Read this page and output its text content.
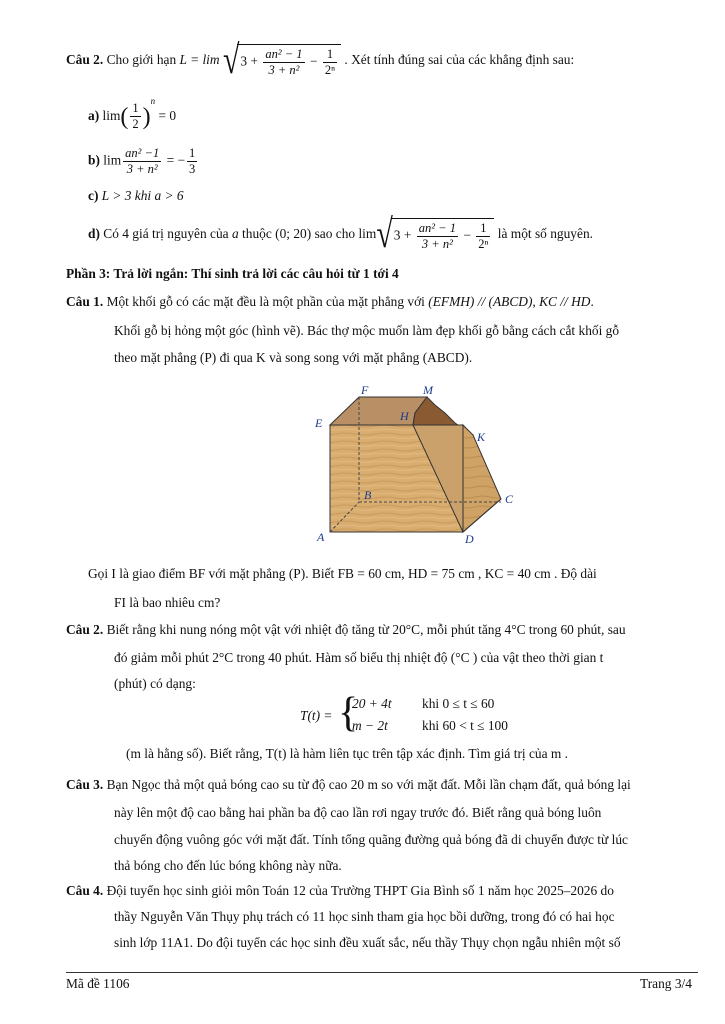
Câu 2. Cho giới hạn $L = \lim √3 + \frac{\text{an² − 1}}{\text{3 + n²}} - \frac{1}{\text{2ⁿ}}$ . Xét tính đúng sai của các khẳng định sau:
a) $\lim( \frac{1}{2} )^n = 0$
b) $\lim \frac{\text{an² −1}}{\text{3 + n²}}$ = − $\frac{1}{3}$
c) L > 3 khi a > 6
d) Có 4 giá trị nguyên của a thuộc (0; 20) sao cho $\lim√3 + \frac{\text{an² − 1}}{\text{3 + n²}} - \frac{1}{\text{2ⁿ}}$ là một số nguyên.
Phần 3: Trả lời ngắn: Thí sinh trả lời các câu hỏi từ 1 tới 4
Câu 1. Một khối gỗ có các mặt đều là một phần của mặt phẳng với (EFMH) // (ABCD), KC // HD.
Khối gỗ bị hỏng một góc (hình vẽ). Bác thợ mộc muốn làm đẹp khối gỗ bằng cách cắt khối gỗ
theo mặt phẳng (P) đi qua K và song song với mặt phẳng (ABCD).
E
F	M
H
K
B	C
A	D
Gọi I là giao điểm BF với mặt phẳng (P). Biết FB = 60 cm, HD = 75 cm , KC = 40 cm . Độ dài
FI là bao nhiêu cm?
Câu 2. Biết rằng khi nung nóng một vật với nhiệt độ tăng từ 20°C, mỗi phút tăng 4°C trong 60 phút, sau
đó giảm mỗi phút 2°C trong 40 phút. Hàm số biểu thị nhiệt độ (°C ) của vật theo thời gian t
(phút) có dạng:
T(t) = {
20 + 4t khi 0 ≤ t ≤ 60
m − 2t	khi 60 < t ≤ 100
(m là hằng số). Biết rằng, T(t) là hàm liên tục trên tập xác định. Tìm giá trị của m .
Câu 3. Bạn Ngọc thả một quả bóng cao su từ độ cao 20 m so với mặt đất. Mỗi lần chạm đất, quả bóng lại
này lên một độ cao bằng hai phần ba độ cao lần rơi ngay trước đó. Biết rằng quả bóng luôn
chuyển động vuông góc với mặt đất. Tính tổng quãng đường quả bóng đã di chuyển được từ lúc
thả bóng cho đến lúc bóng không này nữa.
Câu 4. Đội tuyển học sinh giỏi môn Toán 12 của Trường THPT Gia Bình số 1 năm học 2025–2026 do
thầy Nguyễn Văn Thụy phụ trách có 11 học sinh tham gia học bồi dưỡng, trong đó có hai học
sinh lớp 11A1. Do đội tuyển các học sinh đều xuất sắc, nếu thầy Thụy chọn ngẫu nhiên một số
Mã đề 1106	Trang 3/4
